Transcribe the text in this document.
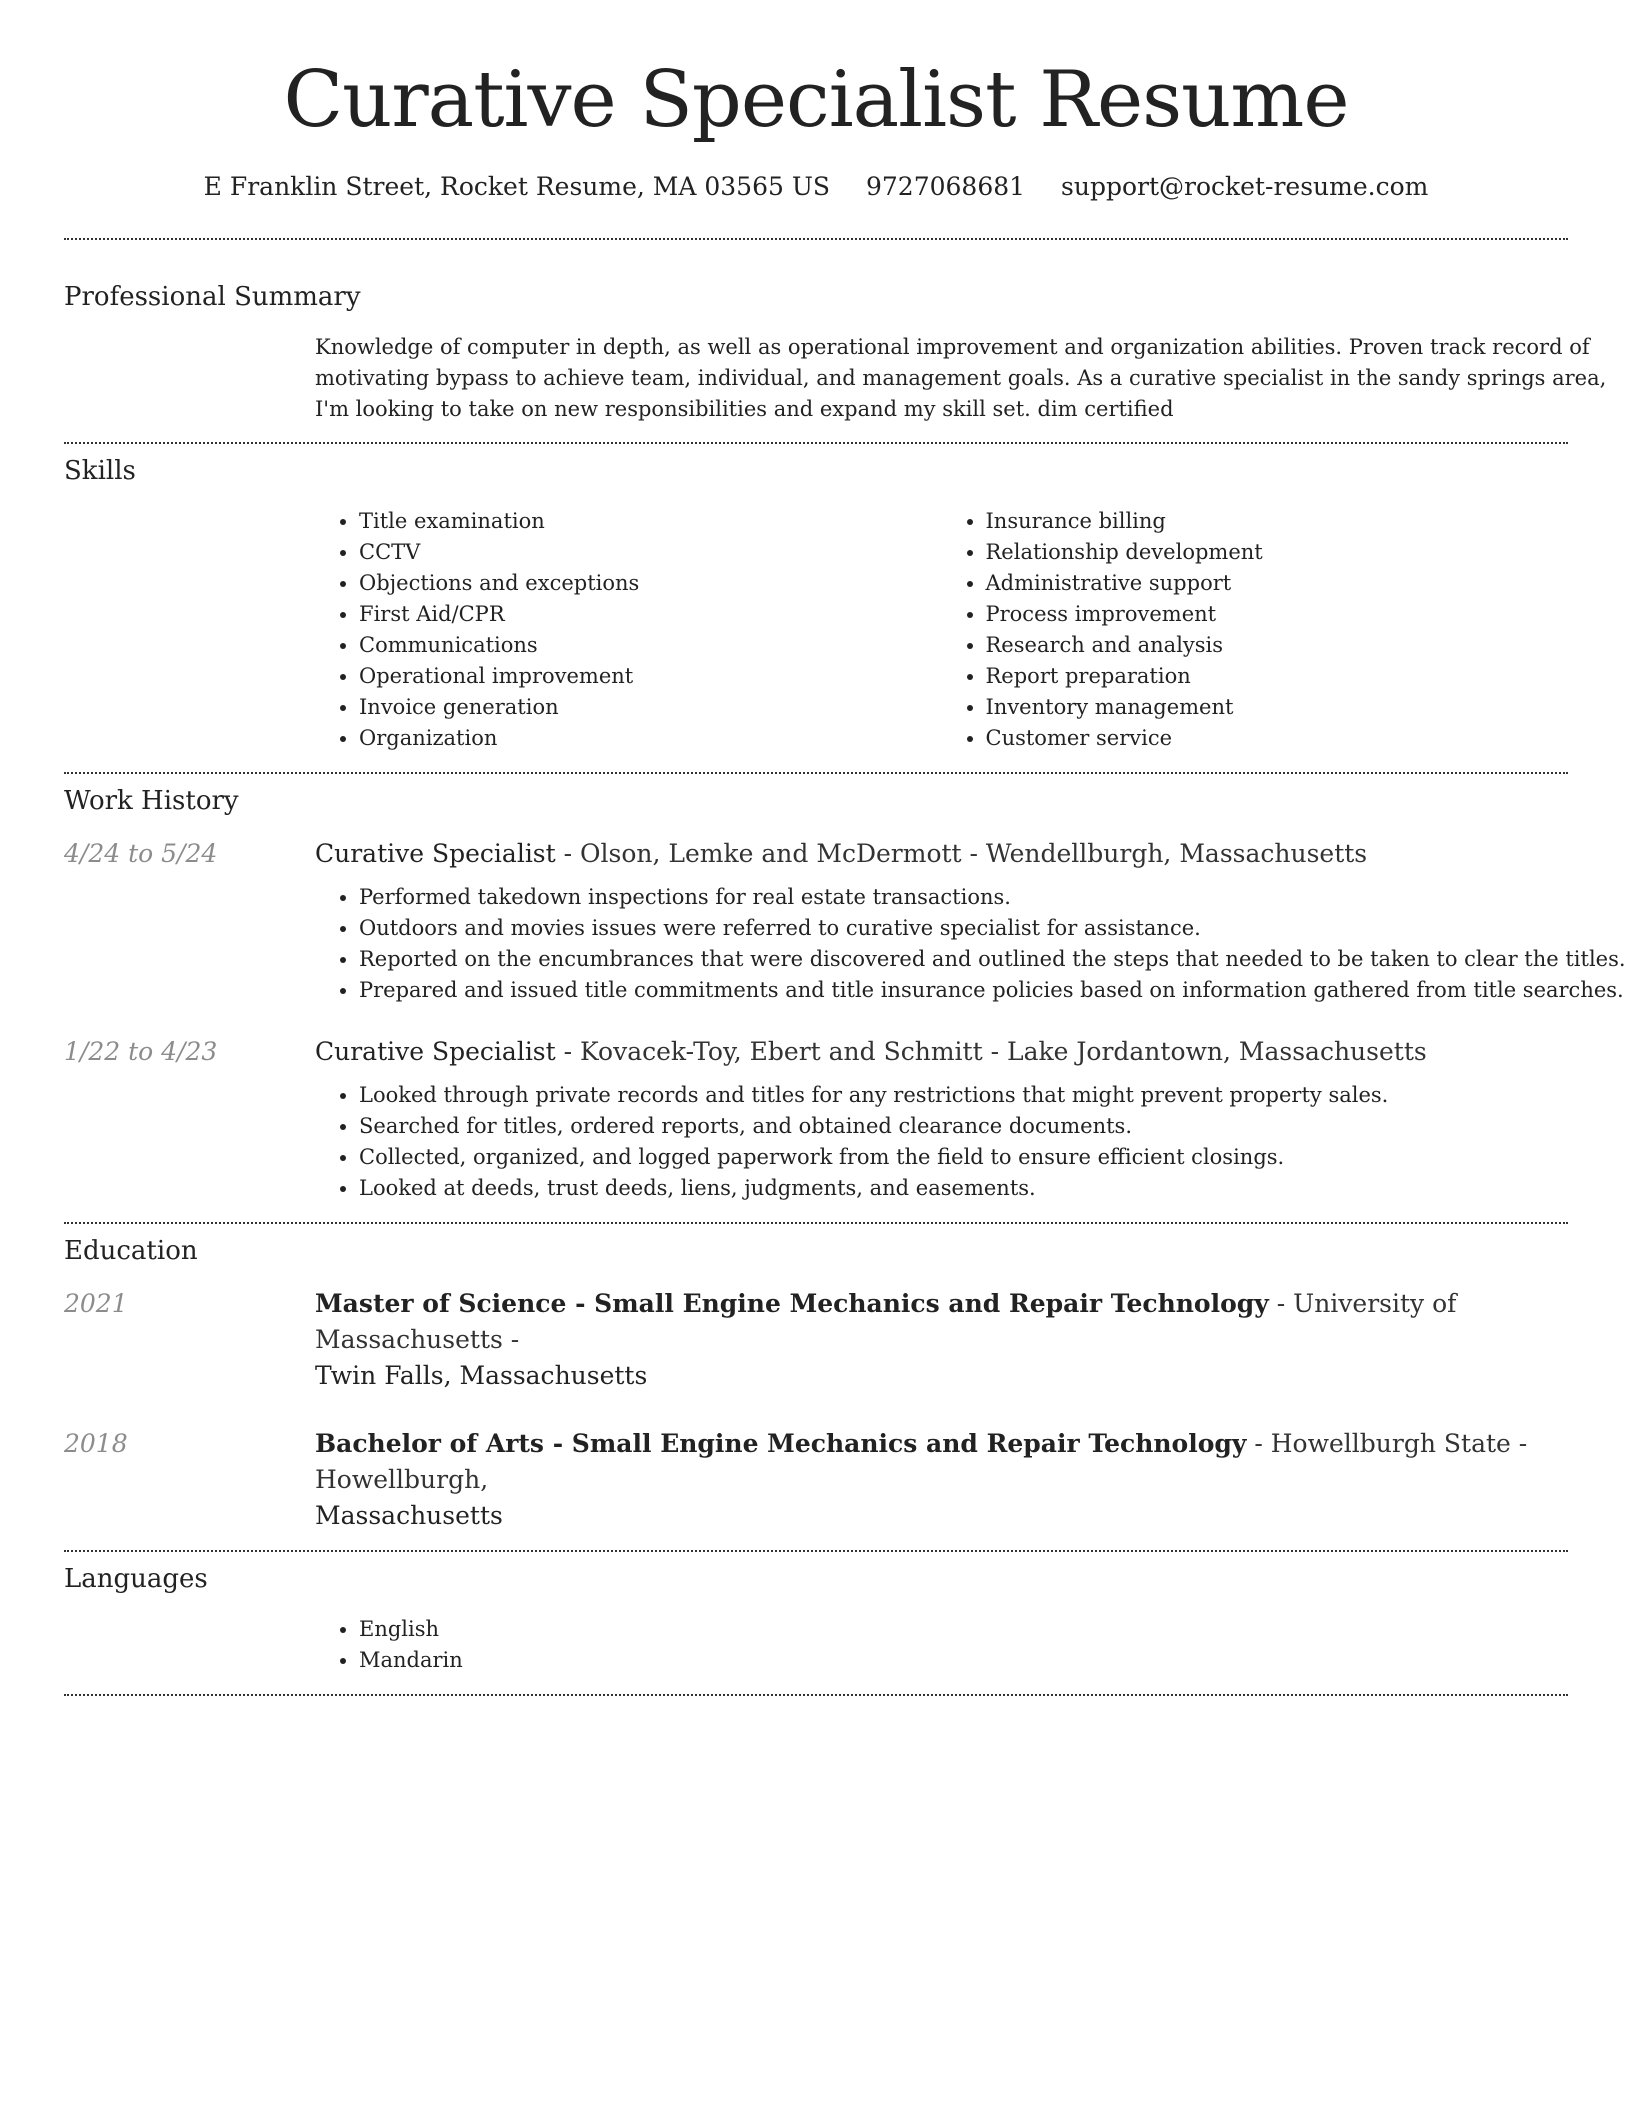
Curative Specialist Resume
E Franklin Street, Rocket Resume, MA 03565 US 9727068681 support@rocket-resume.com
Professional Summary

Knowledge of computer in depth, as well as operational improvement and organization abilities. Proven track record of

motivating bypass to achieve team, individual, and management goals. As a curative specialist in the sandy springs area,

I'm looking to take on new responsibilities and expand my skill set. dim certified

Skills
• Title examination
• CCTV
• Objections and exceptions
• First Aid/CPR
• Communications
• Operational improvement
• Invoice generation
• Organization
• Insurance billing
• Relationship development
• Administrative support
• Process improvement
• Research and analysis
• Report preparation
• Inventory management
• Customer service
Work History
4/24 to 5/24	Curative Specialist - Olson, Lemke and McDermott - Wendellburgh, Massachusetts

• Performed takedown inspections for real estate transactions.
• Outdoors and movies issues were referred to curative specialist for assistance.
• Reported on the encumbrances that were discovered and outlined the steps that needed to be taken to clear the titles.
• Prepared and issued title commitments and title insurance policies based on information gathered from title searches.
1/22 to 4/23	Curative Specialist - Kovacek-Toy, Ebert and Schmitt - Lake Jordantown, Massachusetts

• Looked through private records and titles for any restrictions that might prevent property sales.
• Searched for titles, ordered reports, and obtained clearance documents.
• Collected, organized, and logged paperwork from the field to ensure efficient closings.
• Looked at deeds, trust deeds, liens, judgments, and easements.
Education
2021	Master of Science - Small Engine Mechanics and Repair Technology - University of Massachusetts -

Twin Falls, Massachusetts

2018	Bachelor of Arts - Small Engine Mechanics and Repair Technology - Howellburgh State - Howellburgh,

Massachusetts

Languages
• English
• Mandarin
